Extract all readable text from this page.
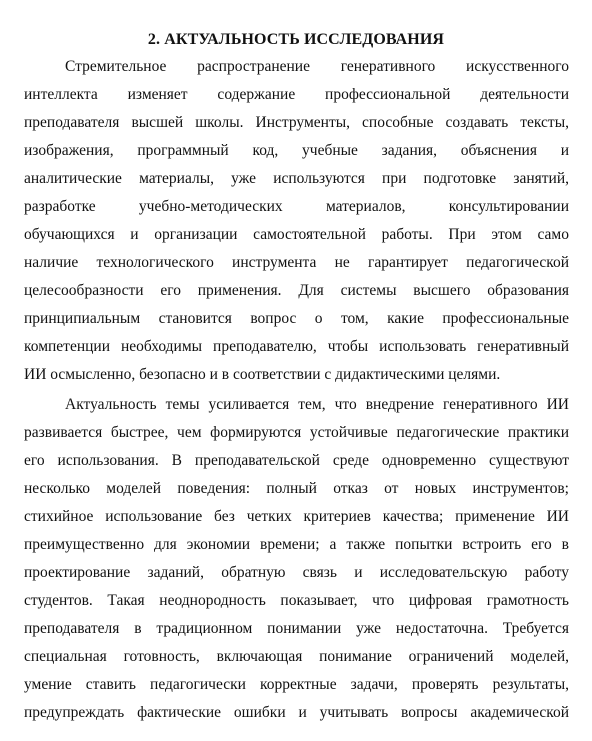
2. АКТУАЛЬНОСТЬ ИССЛЕДОВАНИЯ
Стремительное распространение генеративного искусственного
интеллекта изменяет содержание профессиональной деятельности
преподавателя высшей школы. Инструменты, способные создавать тексты,
изображения, программный код, учебные задания, объяснения и
аналитические материалы, уже используются при подготовке занятий,
разработке учебно-методических материалов, консультировании
обучающихся и организации самостоятельной работы. При этом само
наличие технологического инструмента не гарантирует педагогической
целесообразности его применения. Для системы высшего образования
принципиальным становится вопрос о том, какие профессиональные
компетенции необходимы преподавателю, чтобы использовать генеративный
ИИ осмысленно, безопасно и в соответствии с дидактическими целями.
Актуальность темы усиливается тем, что внедрение генеративного ИИ
развивается быстрее, чем формируются устойчивые педагогические практики
его использования. В преподавательской среде одновременно существуют
несколько моделей поведения: полный отказ от новых инструментов;
стихийное использование без четких критериев качества; применение ИИ
преимущественно для экономии времени; а также попытки встроить его в
проектирование заданий, обратную связь и исследовательскую работу
студентов. Такая неоднородность показывает, что цифровая грамотность
преподавателя в традиционном понимании уже недостаточна. Требуется
специальная готовность, включающая понимание ограничений моделей,
умение ставить педагогически корректные задачи, проверять результаты,
предупреждать фактические ошибки и учитывать вопросы академической
